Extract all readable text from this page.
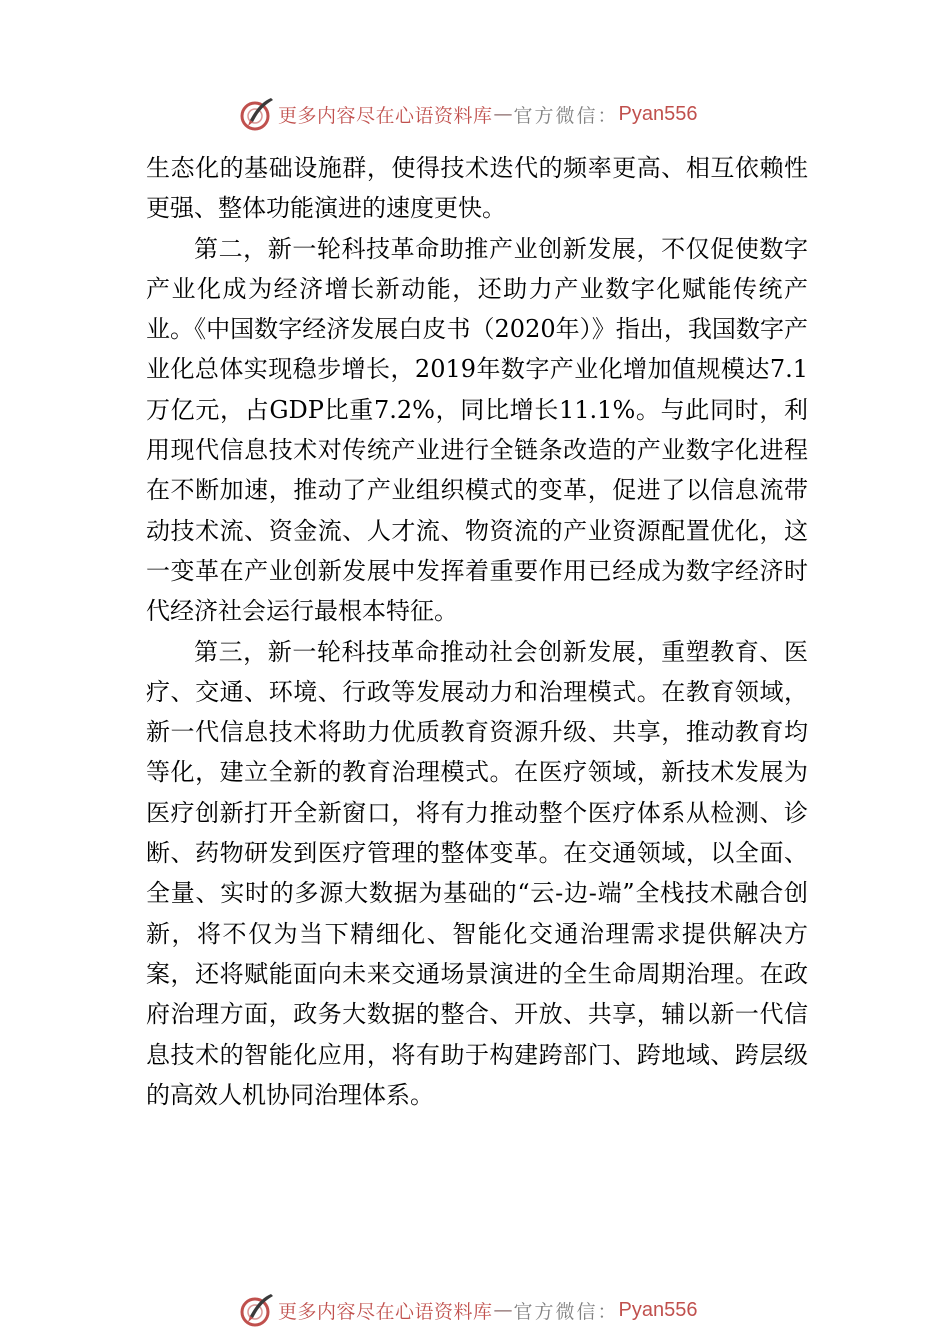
更多内容尽在心语资料库 — 官方微信： Pyan556

生态化的基础设施群，使得技术迭代的频率更高、相互依赖性更强、整体功能演进的速度更快。

第二，新一轮科技革命助推产业创新发展，不仅促使数字产业化成为经济增长新动能，还助力产业数字化赋能传统产业。《中国数字经济发展白皮书（2020年）》指出，我国数字产业化总体实现稳步增长，2019年数字产业化增加值规模达7.1万亿元，占GDP比重7.2%，同比增长11.1%。与此同时，利用现代信息技术对传统产业进行全链条改造的产业数字化进程在不断加速，推动了产业组织模式的变革，促进了以信息流带动技术流、资金流、人才流、物资流的产业资源配置优化，这一变革在产业创新发展中发挥着重要作用已经成为数字经济时代经济社会运行最根本特征。

第三，新一轮科技革命推动社会创新发展，重塑教育、医疗、交通、环境、行政等发展动力和治理模式。在教育领域，新一代信息技术将助力优质教育资源升级、共享，推动教育均等化，建立全新的教育治理模式。在医疗领域，新技术发展为医疗创新打开全新窗口，将有力推动整个医疗体系从检测、诊断、药物研发到医疗管理的整体变革。在交通领域，以全面、全量、实时的多源大数据为基础的“云-边-端”全栈技术融合创新，将不仅为当下精细化、智能化交通治理需求提供解决方案，还将赋能面向未来交通场景演进的全生命周期治理。在政府治理方面，政务大数据的整合、开放、共享，辅以新一代信息技术的智能化应用，将有助于构建跨部门、跨地域、跨层级的高效人机协同治理体系。

更多内容尽在心语资料库 — 官方微信： Pyan556
